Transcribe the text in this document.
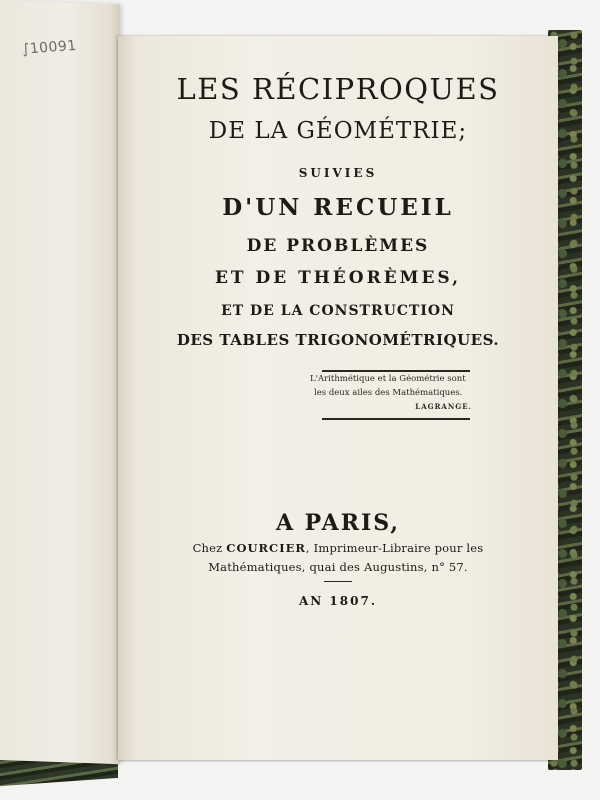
∫10091
LES RÉCIPROQUES
DE LA GÉOMÉTRIE;
SUIVIES
D'UN RECUEIL
DE PROBLÈMES
ET DE THÉORÈMES,
ET DE LA CONSTRUCTION
DES TABLES TRIGONOMÉTRIQUES.
L'Arithmétique et la Géométrie sont
les deux ailes des Mathématiques.
LAGRANGE.
A PARIS,
Chez COURCIER, Imprimeur-Libraire pour les
Mathématiques, quai des Augustins, n° 57.
AN 1807.
